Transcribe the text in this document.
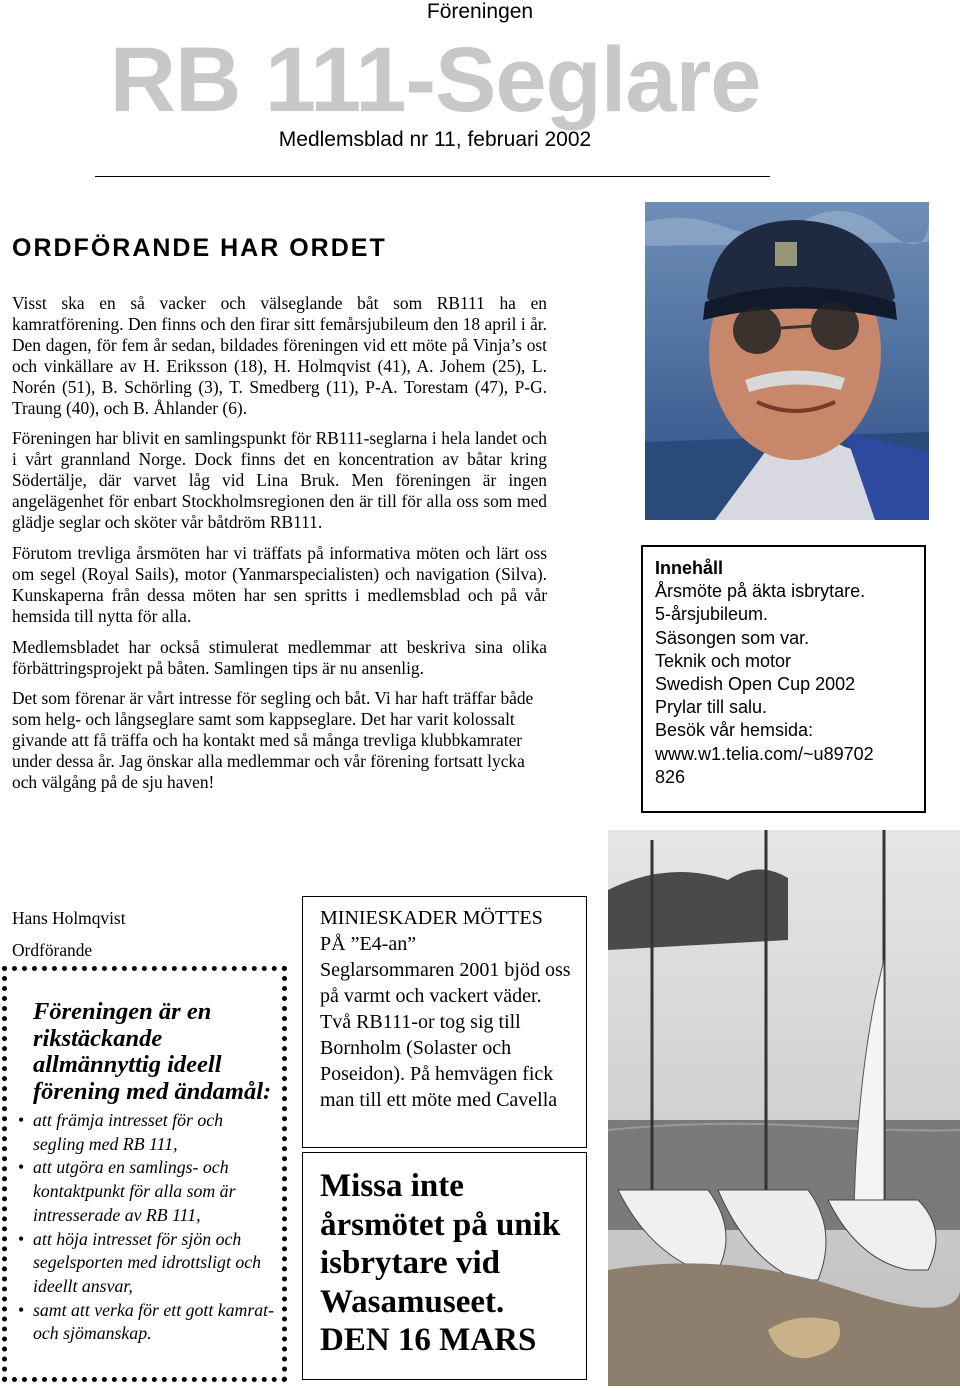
Föreningen
RB 111-Seglare
Medlemsblad nr 11, februari 2002
ORDFÖRANDE HAR ORDET

Visst ska en så vacker och välseglande båt som RB111 ha en kamratförening. Den finns och den firar sitt femårsjubileum den 18 april i år. Den dagen, för fem år sedan, bildades föreningen vid ett möte på Vinja’s ost och vinkällare av H. Eriksson (18), H. Holmqvist (41), A. Johem (25), L. Norén (51), B. Schörling (3), T. Smedberg (11), P-A. Torestam (47), P-G. Traung (40), och B. Åhlander (6).

Föreningen har blivit en samlingspunkt för RB111-seglarna i hela landet och i vårt grannland Norge. Dock finns det en koncentration av båtar kring Södertälje, där varvet låg vid Lina Bruk. Men föreningen är ingen angelägenhet för enbart Stockholmsregionen den är till för alla oss som med glädje seglar och sköter vår båtdröm RB111.

Förutom trevliga årsmöten har vi träffats på informativa möten och lärt oss om segel (Royal Sails), motor (Yanmarspecialisten) och navigation (Silva). Kunskaperna från dessa möten har sen spritts i medlemsblad och på vår hemsida till nytta för alla.

Medlemsbladet har också stimulerat medlemmar att beskriva sina olika förbättringsprojekt på båten. Samlingen tips är nu ansenlig.

Det som förenar är vårt intresse för segling och båt. Vi har haft träffar både som helg- och långseglare samt som kappseglare. Det har varit kolossalt givande att få träffa och ha kontakt med så många trevliga klubbkamrater under dessa år. Jag önskar alla medlemmar och vår förening fortsatt lycka och välgång på de sju haven!

Hans Holmqvist
Ordförande
Innehåll
Årsmöte på äkta isbrytare.
5-årsjubileum.
Säsongen som var.
Teknik och motor
Swedish Open Cup 2002
Prylar till salu.
Besök vår hemsida:
www.w1.telia.com/~u89702
826
MINIESKADER MÖTTES
PÅ ”E4-an”
Seglarsommaren 2001 bjöd oss på varmt och vackert väder. Två RB111-or tog sig till Bornholm (Solaster och Poseidon). På hemvägen fick man till ett möte med Cavella
Missa inte årsmötet på unik isbrytare vid Wasamuseet. DEN 16 MARS
Föreningen är en rikstäckande allmännyttig ideell förening med ändamål:
• att främja intresset för och segling med RB 111,
• att utgöra en samlings- och kontaktpunkt för alla som är intresserade av RB 111,
• att höja intresset för sjön och segelsporten med idrottsligt och ideellt ansvar,
• samt att verka för ett gott kamrat- och sjömanskap.
